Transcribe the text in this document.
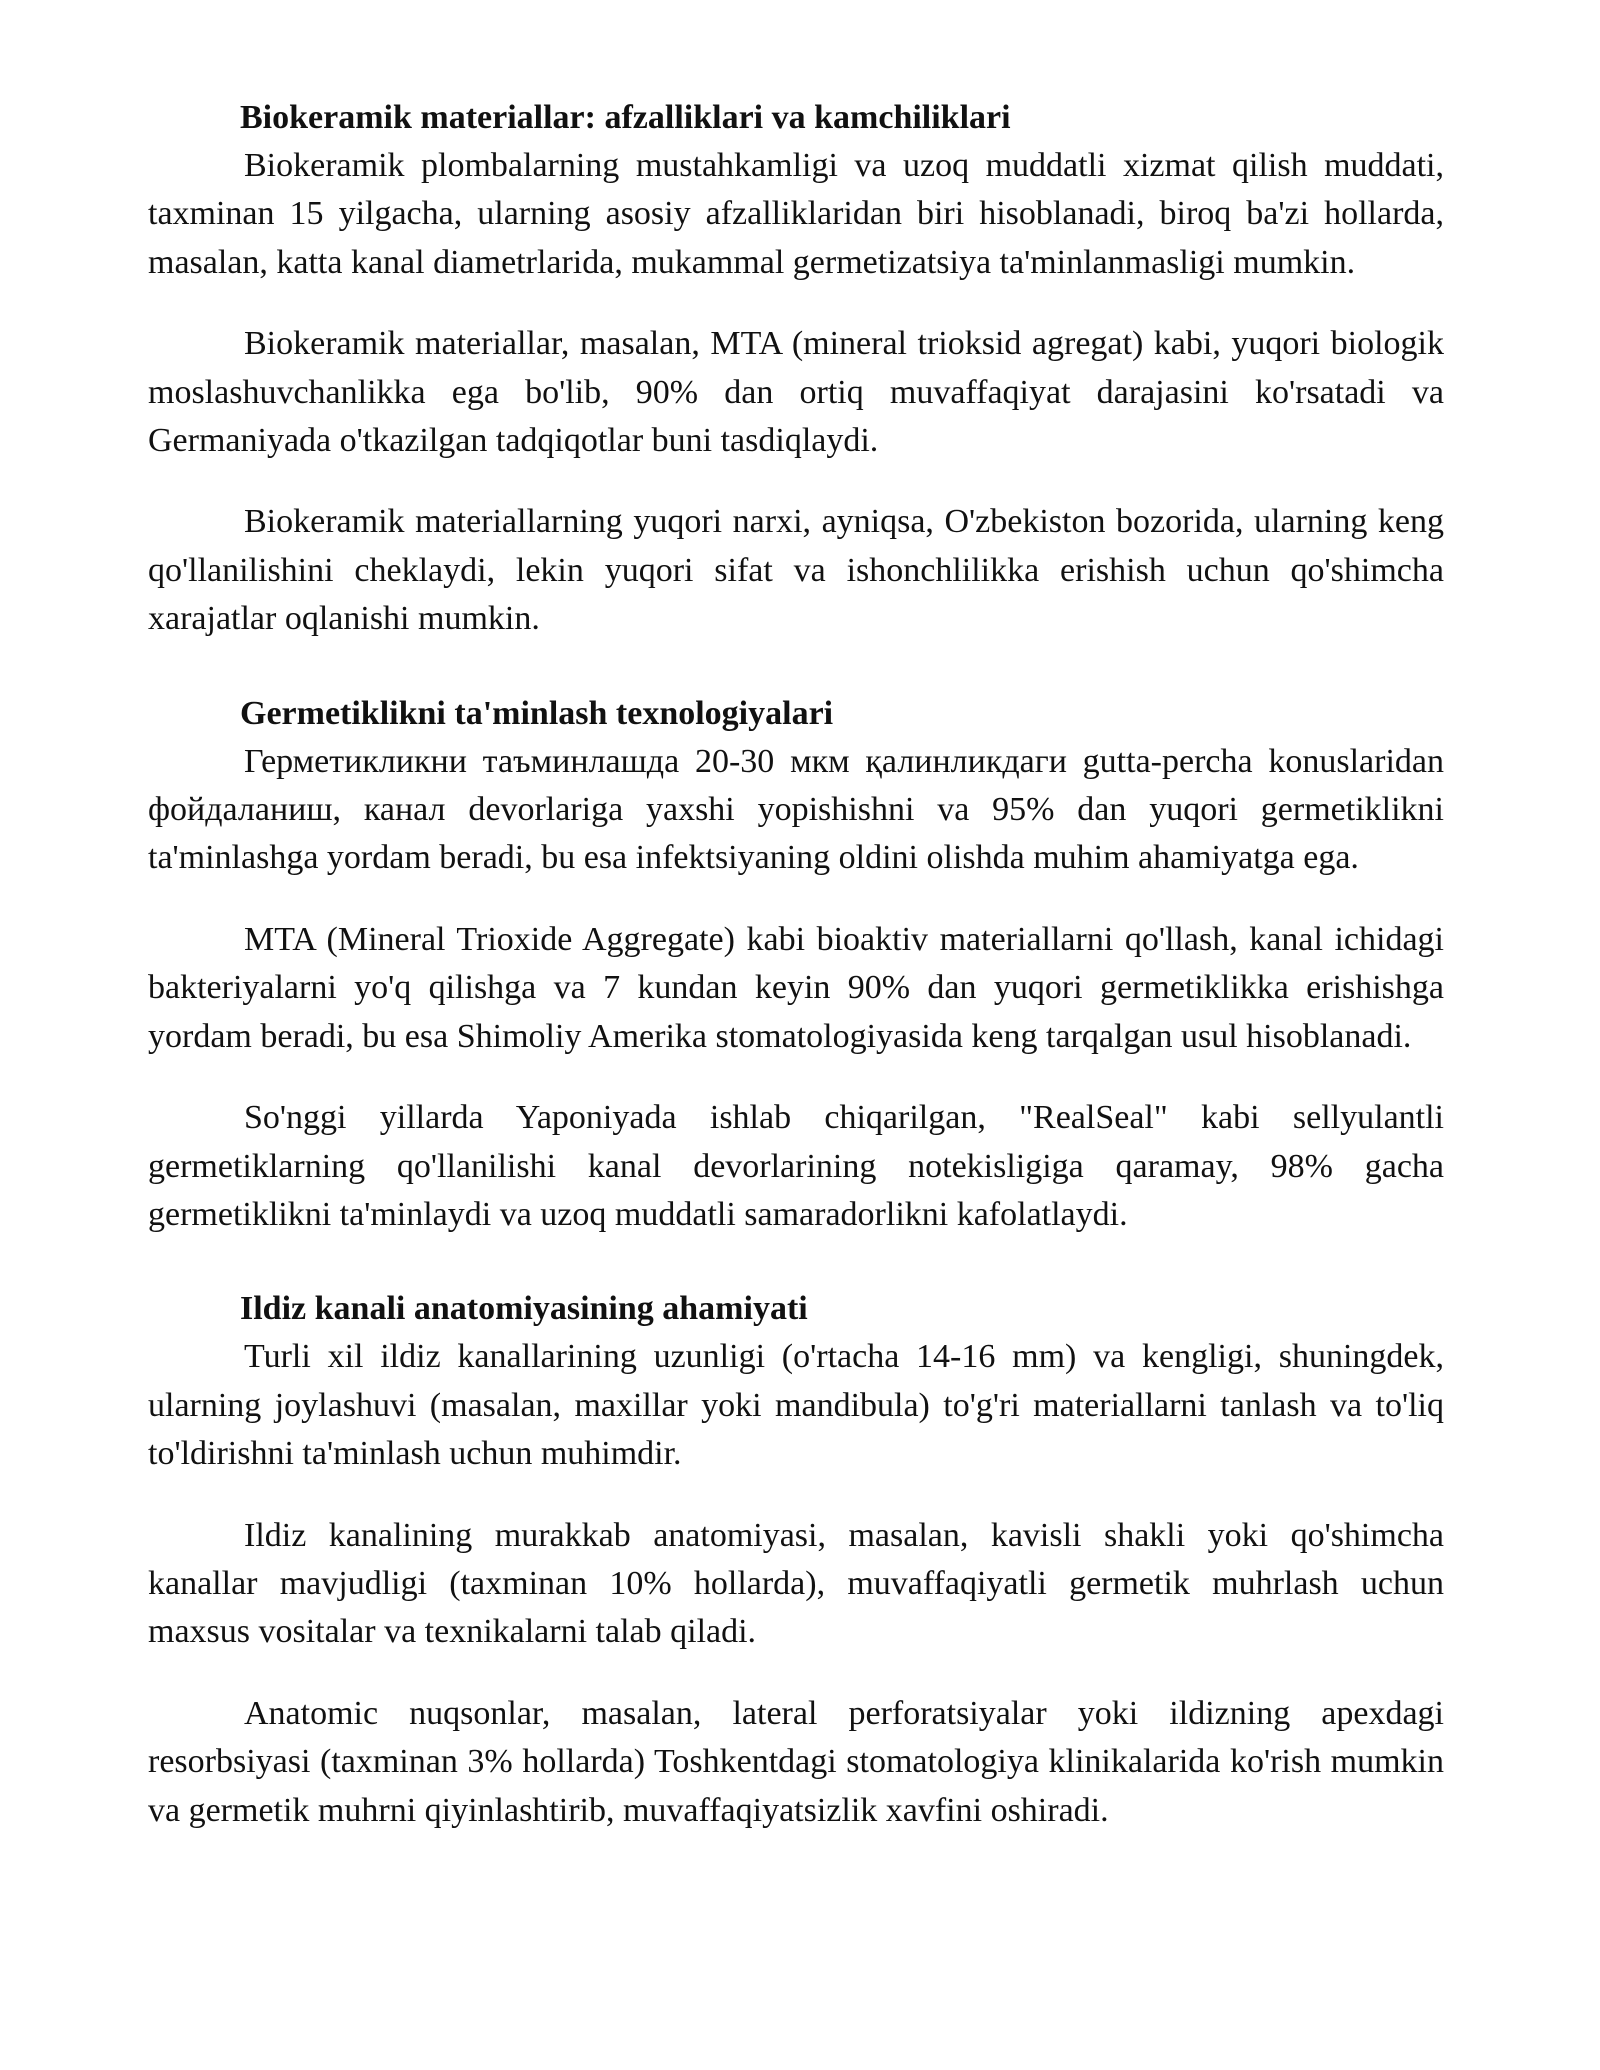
Biokeramik materiallar: afzalliklari va kamchiliklari

Biokeramik plombalarning mustahkamligi va uzoq muddatli xizmat qilish muddati, taxminan 15 yilgacha, ularning asosiy afzalliklaridan biri hisoblanadi, biroq ba'zi hollarda, masalan, katta kanal diametrlarida, mukammal germetizatsiya ta'minlanmasligi mumkin.

Biokeramik materiallar, masalan, MTA (mineral trioksid agregat) kabi, yuqori biologik moslashuvchanlikka ega bo'lib, 90% dan ortiq muvaffaqiyat darajasini ko'rsatadi va Germaniyada o'tkazilgan tadqiqotlar buni tasdiqlaydi.

Biokeramik materiallarning yuqori narxi, ayniqsa, O'zbekiston bozorida, ularning keng qo'llanilishini cheklaydi, lekin yuqori sifat va ishonchlilikka erishish uchun qo'shimcha xarajatlar oqlanishi mumkin.

Germetiklikni ta'minlash texnologiyalari

Герметикликни таъминлашда 20-30 мкм қалинликдаги gutta-percha konuslaridan фойдаланиш, канал devorlariga yaxshi yopishishni va 95% dan yuqori germetiklikni ta'minlashga yordam beradi, bu esa infektsiyaning oldini olishda muhim ahamiyatga ega.

MTA (Mineral Trioxide Aggregate) kabi bioaktiv materiallarni qo'llash, kanal ichidagi bakteriyalarni yo'q qilishga va 7 kundan keyin 90% dan yuqori germetiklikka erishishga yordam beradi, bu esa Shimoliy Amerika stomatologiyasida keng tarqalgan usul hisoblanadi.

So'nggi yillarda Yaponiyada ishlab chiqarilgan, "RealSeal" kabi sellyulantli germetiklarning qo'llanilishi kanal devorlarining notekisligiga qaramay, 98% gacha germetiklikni ta'minlaydi va uzoq muddatli samaradorlikni kafolatlaydi.

Ildiz kanali anatomiyasining ahamiyati

Turli xil ildiz kanallarining uzunligi (o'rtacha 14-16 mm) va kengligi, shuningdek, ularning joylashuvi (masalan, maxillar yoki mandibula) to'g'ri materiallarni tanlash va to'liq to'ldirishni ta'minlash uchun muhimdir.

Ildiz kanalining murakkab anatomiyasi, masalan, kavisli shakli yoki qo'shimcha kanallar mavjudligi (taxminan 10% hollarda), muvaffaqiyatli germetik muhrlash uchun maxsus vositalar va texnikalarni talab qiladi.

Anatomic nuqsonlar, masalan, lateral perforatsiyalar yoki ildizning apexdagi resorbsiyasi (taxminan 3% hollarda) Toshkentdagi stomatologiya klinikalarida ko'rish mumkin va germetik muhrni qiyinlashtirib, muvaffaqiyatsizlik xavfini oshiradi.
